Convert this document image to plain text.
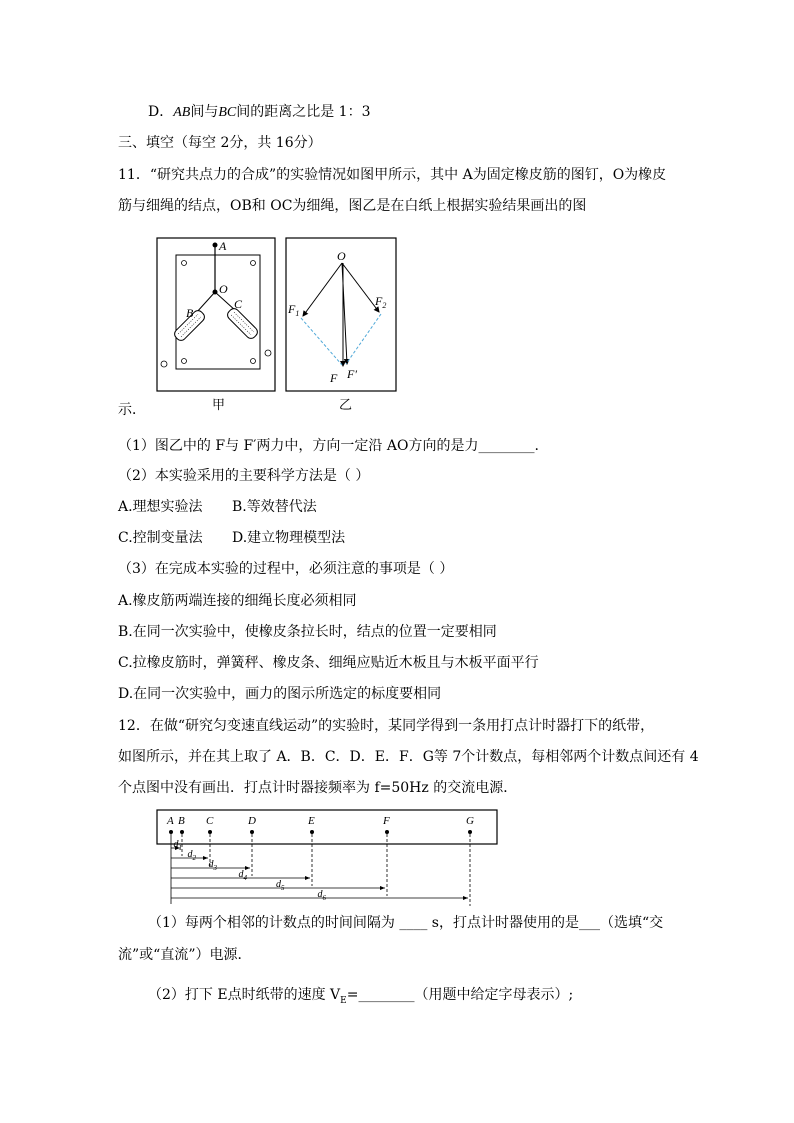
D．AB间与BC间的距离之比是 1：3
三、填空（每空 2分，共 16分）
11．“研究共点力的合成”的实验情况如图甲所示，其中 A为固定橡皮筋的图钉，O为橡皮
筋与细绳的结点，OB和 OC为细绳，图乙是在白纸上根据实验结果画出的图
A
O
B
C
O
$F_1$
$F_2$
F F′
甲	乙
示．
（1）图乙中的 F与 F′两力中，方向一定沿 AO方向的是力________.
（2）本实验采用的主要科学方法是（ ）
A.理想实验法 B.等效替代法
C.控制变量法 D.建立物理模型法
（3）在完成本实验的过程中，必须注意的事项是（ ）
A.橡皮筋两端连接的细绳长度必须相同
B.在同一次实验中，使橡皮条拉长时，结点的位置一定要相同
C.拉橡皮筋时，弹簧秤、橡皮条、细绳应贴近木板且与木板平面平行
D.在同一次实验中，画力的图示所选定的标度要相同
12．在做“研究匀变速直线运动”的实验时，某同学得到一条用打点计时器打下的纸带，
如图所示，并在其上取了 A．B．C．D．E．F．G等 7个计数点，每相邻两个计数点间还有 4
个点图中没有画出．打点计时器接频率为 f=50Hz 的交流电源．
A B C	D	E	F	G
$d_1$
$d_2$
$d_3$
$d_4$
$d_5$
$d_6$
（1）每两个相邻的计数点的时间间隔为 ____ s，打点计时器使用的是___（选填“交
流”或“直流”）电源．
（2）打下 E点时纸带的速度 $V_E=\_\_\_\_\_\_\_\_$（用题中给定字母表示）;
